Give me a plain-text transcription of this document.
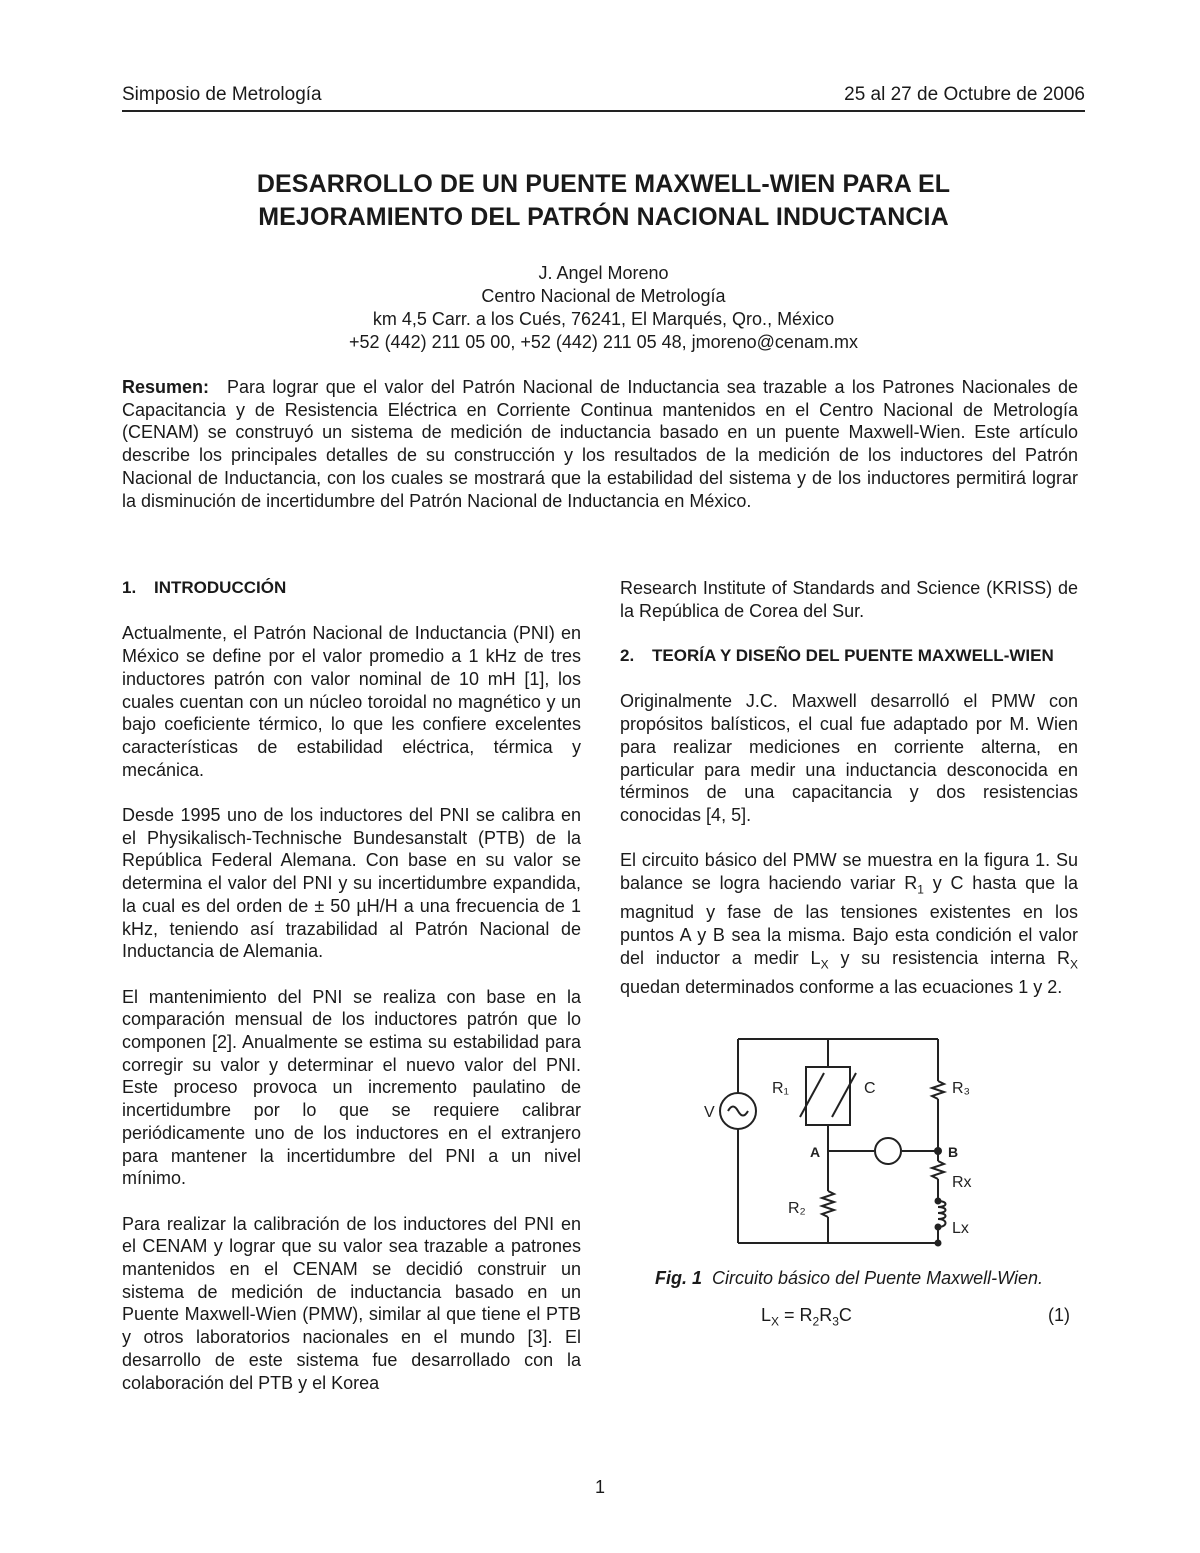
Simposio de Metrología	25 al 27 de Octubre de 2006
DESARROLLO DE UN PUENTE MAXWELL-WIEN PARA EL
MEJORAMIENTO DEL PATRÓN NACIONAL INDUCTANCIA
J. Angel Moreno
Centro Nacional de Metrología
km 4,5 Carr. a los Cués, 76241, El Marqués, Qro., México
+52 (442) 211 05 00, +52 (442) 211 05 48, jmoreno@cenam.mx
Resumen: Para lograr que el valor del Patrón Nacional de Inductancia sea trazable a los Patrones Nacionales de Capacitancia y de Resistencia Eléctrica en Corriente Continua mantenidos en el Centro Nacional de Metrología (CENAM) se construyó un sistema de medición de inductancia basado en un puente Maxwell-Wien. Este artículo describe los principales detalles de su construcción y los resultados de la medición de los inductores del Patrón Nacional de Inductancia, con los cuales se mostrará que la estabilidad del sistema y de los inductores permitirá lograr la disminución de incertidumbre del Patrón Nacional de Inductancia en México.
1.	INTRODUCCIÓN

Actualmente, el Patrón Nacional de Inductancia (PNI) en México se define por el valor promedio a 1 kHz de tres inductores patrón con valor nominal de 10 mH [1], los cuales cuentan con un núcleo toroidal no magnético y un bajo coeficiente térmico, lo que les confiere excelentes características de estabilidad eléctrica, térmica y mecánica.

Desde 1995 uno de los inductores del PNI se calibra en el Physikalisch-Technische Bundesanstalt (PTB) de la República Federal Alemana. Con base en su valor se determina el valor del PNI y su incertidumbre expandida, la cual es del orden de ± 50 µH/H a una frecuencia de 1 kHz, teniendo así trazabilidad al Patrón Nacional de Inductancia de Alemania.

El mantenimiento del PNI se realiza con base en la comparación mensual de los inductores patrón que lo componen [2]. Anualmente se estima su estabilidad para corregir su valor y determinar el nuevo valor del PNI. Este proceso provoca un incremento paulatino de incertidumbre por lo que se requiere calibrar periódicamente uno de los inductores en el extranjero para mantener la incertidumbre del PNI a un nivel mínimo.

Para realizar la calibración de los inductores del PNI en el CENAM y lograr que su valor sea trazable a patrones mantenidos en el CENAM se decidió construir un sistema de medición de inductancia basado en un Puente Maxwell-Wien (PMW), similar al que tiene el PTB y otros laboratorios nacionales en el mundo [3]. El desarrollo de este sistema fue desarrollado con la colaboración del PTB y el Korea

Research Institute of Standards and Science (KRISS) de la República de Corea del Sur.

2.	TEORÍA Y DISEÑO DEL PUENTE MAXWELL-WIEN

Originalmente J.C. Maxwell desarrolló el PMW con propósitos balísticos, el cual fue adaptado por M. Wien para realizar mediciones en corriente alterna, en particular para medir una inductancia desconocida en términos de una capacitancia y dos resistencias conocidas [4, 5].

El circuito básico del PMW se muestra en la figura 1. Su balance se logra haciendo variar $R_1$ y C hasta que la magnitud y fase de las tensiones existentes en los puntos A y B sea la misma. Bajo esta condición el valor del inductor a medir $L_X$ y su resistencia interna $R_X$ quedan determinados conforme a las ecuaciones 1 y 2.

R₁	C	R₃
V
A	B
Rx
R₂
Lx
Fig. 1 Circuito básico del Puente Maxwell-Wien.
$L_X = R_2R_3C$	(1)
1
